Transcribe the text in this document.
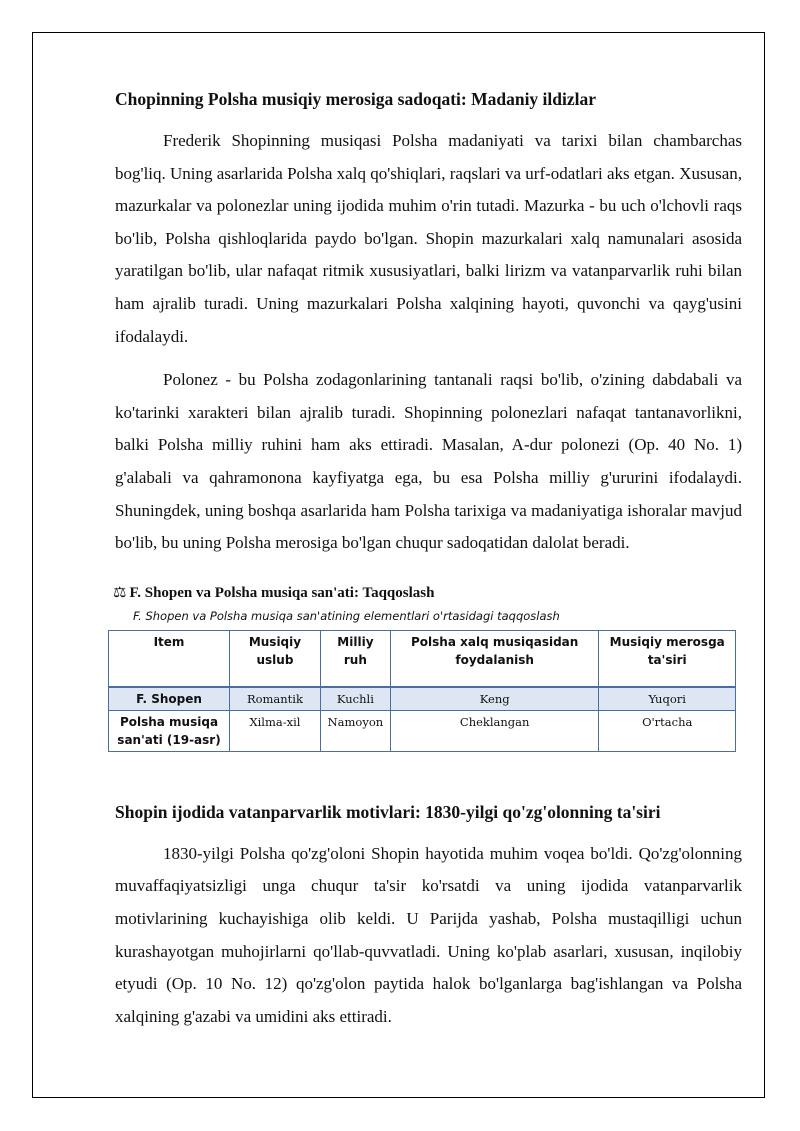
Chopinning Polsha musiqiy merosiga sadoqati: Madaniy ildizlar

Frederik Shopinning musiqasi Polsha madaniyati va tarixi bilan chambarchas bog'liq. Uning asarlarida Polsha xalq qo'shiqlari, raqslari va urf-odatlari aks etgan. Xususan, mazurkalar va polonezlar uning ijodida muhim o'rin tutadi. Mazurka - bu uch o'lchovli raqs bo'lib, Polsha qishloqlarida paydo bo'lgan. Shopin mazurkalari xalq namunalari asosida yaratilgan bo'lib, ular nafaqat ritmik xususiyatlari, balki lirizm va vatanparvarlik ruhi bilan ham ajralib turadi. Uning mazurkalari Polsha xalqining hayoti, quvonchi va qayg'usini ifodalaydi.

Polonez - bu Polsha zodagonlarining tantanali raqsi bo'lib, o'zining dabdabali va ko'tarinki xarakteri bilan ajralib turadi. Shopinning polonezlari nafaqat tantanavorlikni, balki Polsha milliy ruhini ham aks ettiradi. Masalan, A-dur polonezi (Op. 40 No. 1) g'alabali va qahramonona kayfiyatga ega, bu esa Polsha milliy g'ururini ifodalaydi. Shuningdek, uning boshqa asarlarida ham Polsha tarixiga va madaniyatiga ishoralar mavjud bo'lib, bu uning Polsha merosiga bo'lgan chuqur sadoqatidan dalolat beradi.

⚖ F. Shopen va Polsha musiqa san'ati: Taqqoslash
F. Shopen va Polsha musiqa san'atining elementlari o'rtasidagi taqqoslash
Item	Musiqiy uslub	Milliy ruh	Polsha xalq musiqasidan foydalanish	Musiqiy merosga ta'siri
F. Shopen	Romantik	Kuchli	Keng	Yuqori
Polsha musiqa san'ati (19-asr)	Xilma-xil	Namoyon	Cheklangan	O'rtacha
Shopin ijodida vatanparvarlik motivlari: 1830-yilgi qo'zg'olonning ta'siri

1830-yilgi Polsha qo'zg'oloni Shopin hayotida muhim voqea bo'ldi. Qo'zg'olonning muvaffaqiyatsizligi unga chuqur ta'sir ko'rsatdi va uning ijodida vatanparvarlik motivlarining kuchayishiga olib keldi. U Parijda yashab, Polsha mustaqilligi uchun kurashayotgan muhojirlarni qo'llab-quvvatladi. Uning ko'plab asarlari, xususan, inqilobiy etyudi (Op. 10 No. 12) qo'zg'olon paytida halok bo'lganlarga bag'ishlangan va Polsha xalqining g'azabi va umidini aks ettiradi.
